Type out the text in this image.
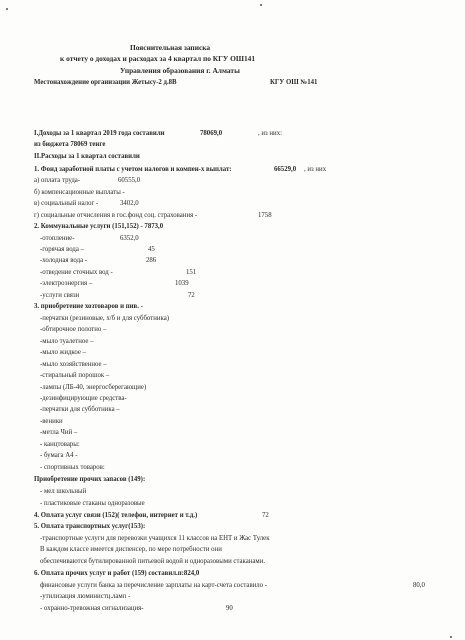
Пояснительная записка
к отчету о доходах и расходах за 4 квартал по КГУ ОШ141
Управления образования г. Алматы
Местонахождение организации Жетысу-2 д.8В	КГУ ОШ №141
I.Доходы за 1 квартал 2019 года составили	78069,0	, из них:
из бюджета 78069 тенге
II.Расходы за 1 квартал составили
1. Фонд заработной платы с учетом налогов и компен-х выплат:	66529,0 , из них
а) оплата труда-	60555,0
б) компенсационные выплаты -
в) социальный налог -	3402,0
г) социальные отчисления в гос.фонд соц. страхования -	1758
2. Коммунальные услуги (151,152) - 7873,0
-отопление-	6352,0
-горячая вода –	45
-холодная вода -	286
-отведение сточных вод -	151
-электроэнергия –	1039
-услуги связи	72
3. приобретение хозтоваров и пив. -
-перчатки (резиновые, х/б и для субботника)
-обтирочное полотно –
-мыло туалетное –
-мыло жидкое –
-мыло хозяйственное –
-стиральный порошок –
-лампы (ЛБ-40, энергосберегающие)
-дезинфицирующие средства-
-перчатки для субботника –
-веники
-метла Чий –
- канцтовары:
- бумага А4 -
- спортивных товаров:
Приобретение прочих запасов (149):
- мел школьный
- пластиковые стаканы одноразовые
4. Оплата услуг связи (152)( телефон, интернет и т.д.)	72
5. Оплата транспортных услуг(153):
-транспортные услуги для перевозки учащихся 11 классов на ЕНТ и Жас Тулек
В каждом классе имеется диспенсер, по мере потребности они
обеспечиваются бутилированной питьевой водой и одноразовыми стаканами.
6. Оплата прочих услуг и работ (159) составил.п:824,0
финансовые услуги банка за перечисление зарплаты на карт-счета составило -	80,0
-утилизация люминистц.ламп -
- охранно-тревожная сигнализация-	90
